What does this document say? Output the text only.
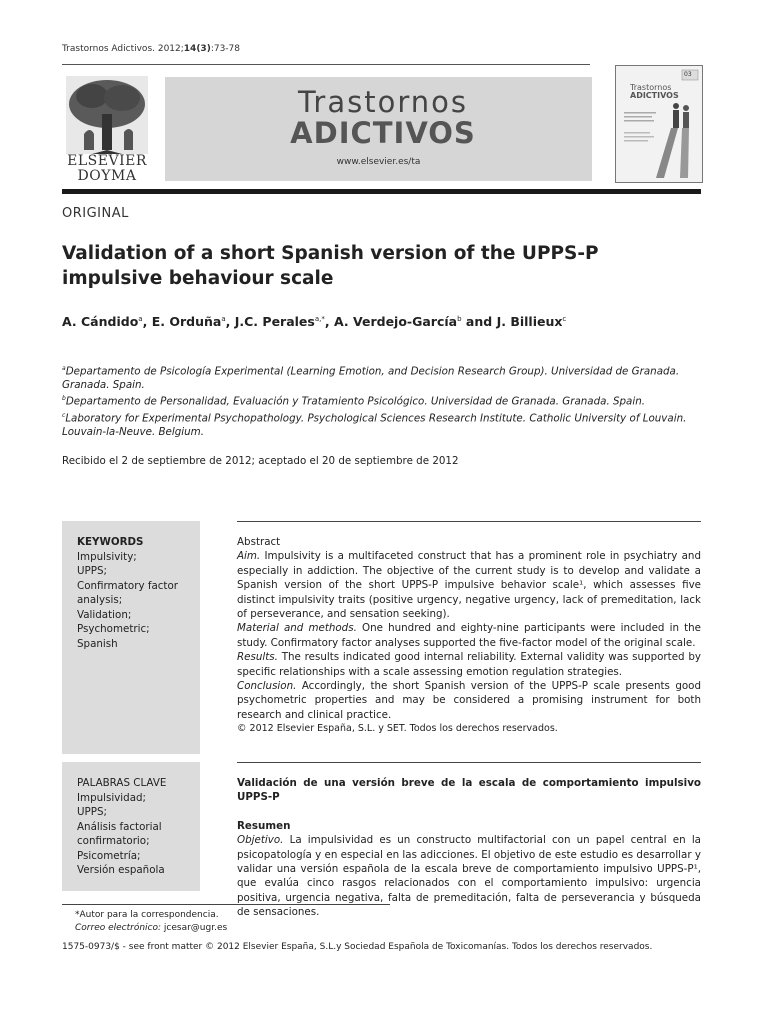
Trastornos Adictivos. 2012;14(3):73-78
ELSEVIER
DOYMA
Trastornos
ADICTIVOS
www.elsevier.es/ta
03
Trastornos
ADICTIVOS
ORIGINAL
Validation of a short Spanish version of the UPPS-P impulsive behaviour scale
A. Cándido$^a$, E. Orduña$^a$, J.C. Perales$^{a,*}$, A. Verdejo-García$^b$ and J. Billieux$^c$
$^a$Departamento de Psicología Experimental (Learning Emotion, and Decision Research Group). Universidad de Granada. Granada. Spain.
$^b$Departamento de Personalidad, Evaluación y Tratamiento Psicológico. Universidad de Granada. Granada. Spain.
$^c$Laboratory for Experimental Psychopathology. Psychological Sciences Research Institute. Catholic University of Louvain. Louvain-la-Neuve. Belgium.
Recibido el 2 de septiembre de 2012; aceptado el 20 de septiembre de 2012
KEYWORDS
Impulsivity;
UPPS;
Confirmatory factor
analysis;
Validation;
Psychometric;
Spanish
Abstract
Aim. Impulsivity is a multifaceted construct that has a prominent role in psychiatry and especially in addiction. The objective of the current study is to develop and validate a Spanish version of the short UPPS-P impulsive behavior scale¹, which assesses five distinct impulsivity traits (positive urgency, negative urgency, lack of premeditation, lack of perseverance, and sensation seeking).
Material and methods. One hundred and eighty-nine participants were included in the study. Confirmatory factor analyses supported the five-factor model of the original scale.
Results. The results indicated good internal reliability. External validity was supported by specific relationships with a scale assessing emotion regulation strategies.
Conclusion. Accordingly, the short Spanish version of the UPPS-P scale presents good psychometric properties and may be considered a promising instrument for both research and clinical practice.
© 2012 Elsevier España, S.L. y SET. Todos los derechos reservados.
PALABRAS CLAVE
Impulsividad;
UPPS;
Análisis factorial
confirmatorio;
Psicometría;
Versión española
Validación de una versión breve de la escala de comportamiento impulsivo UPPS-P
Resumen
Objetivo. La impulsividad es un constructo multifactorial con un papel central en la psicopatología y en especial en las adicciones. El objetivo de este estudio es desarrollar y validar una versión española de la escala breve de comportamiento impulsivo UPPS-P¹, que evalúa cinco rasgos relacionados con el comportamiento impulsivo: urgencia positiva, urgencia negativa, falta de premeditación, falta de perseverancia y búsqueda de sensaciones.
*Autor para la correspondencia.
Correo electrónico: jcesar@ugr.es
1575-0973/$ - see front matter © 2012 Elsevier España, S.L.y Sociedad Española de Toxicomanías. Todos los derechos reservados.
